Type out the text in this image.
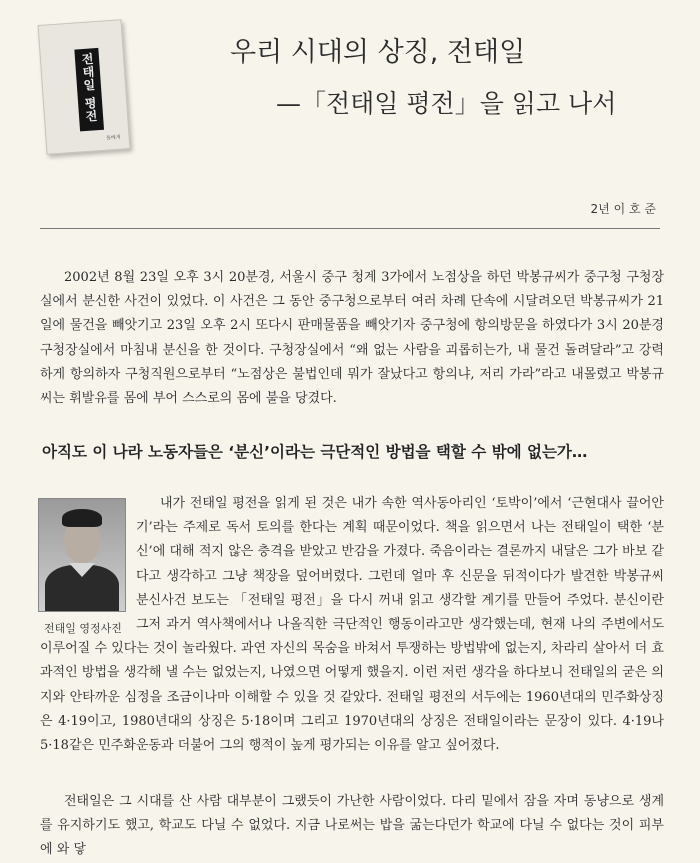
전태일 평전
돌베개
우리 시대의 상징, 전태일
—「전태일 평전」을 읽고 나서
2년 이 호 준

2002년 8월 23일 오후 3시 20분경, 서울시 중구 청계 3가에서 노점상을 하던 박봉규씨가 중구청 구청장실에서 분신한 사건이 있었다. 이 사건은 그 동안 중구청으로부터 여러 차례 단속에 시달려오던 박봉규씨가 21일에 물건을 빼앗기고 23일 오후 2시 또다시 판매물품을 빼앗기자 중구청에 항의방문을 하였다가 3시 20분경 구청장실에서 마침내 분신을 한 것이다. 구청장실에서 “왜 없는 사람을 괴롭히는가, 내 물건 돌려달라”고 강력하게 항의하자 구청직원으로부터 “노점상은 불법인데 뭐가 잘났다고 항의냐, 저리 가라”라고 내몰렸고 박봉규씨는 휘발유를 몸에 부어 스스로의 몸에 불을 당겼다.

아직도 이 나라 노동자들은 ‘분신’이라는 극단적인 방법을 택할 수 밖에 없는가…
전태일 영정사진
내가 전태일 평전을 읽게 된 것은 내가 속한 역사동아리인 ‘토박이’에서 ‘근현대사 끌어안기’라는 주제로 독서 토의를 한다는 계획 때문이었다. 책을 읽으면서 나는 전태일이 택한 ‘분신’에 대해 적지 않은 충격을 받았고 반감을 가졌다. 죽음이라는 결론까지 내달은 그가 바보 같다고 생각하고 그냥 책장을 덮어버렸다. 그런데 얼마 후 신문을 뒤적이다가 발견한 박봉규씨 분신사건 보도는 「전태일 평전」을 다시 꺼내 읽고 생각할 계기를 만들어 주었다. 분신이란 그저 과거 역사책에서나 나올직한 극단적인 행동이라고만 생각했는데, 현재 나의 주변에서도 이루어질 수 있다는 것이 놀라웠다. 과연 자신의 목숨을 바쳐서 투쟁하는 방법밖에 없는지, 차라리 살아서 더 효과적인 방법을 생각해 낼 수는 없었는지, 나였으면 어떻게 했을지. 이런 저런 생각을 하다보니 전태일의 굳은 의지와 안타까운 심정을 조금이나마 이해할 수 있을 것 같았다. 전태일 평전의 서두에는 1960년대의 민주화상징은 4·19이고, 1980년대의 상징은 5·18이며 그리고 1970년대의 상징은 전태일이라는 문장이 있다. 4·19나 5·18같은 민주화운동과 더불어 그의 행적이 높게 평가되는 이유를 알고 싶어졌다.

전태일은 그 시대를 산 사람 대부분이 그랬듯이 가난한 사람이었다. 다리 밑에서 잠을 자며 동냥으로 생계를 유지하기도 했고, 학교도 다닐 수 없었다. 지금 나로써는 밥을 굶는다던가 학교에 다닐 수 없다는 것이 피부에 와 닿
